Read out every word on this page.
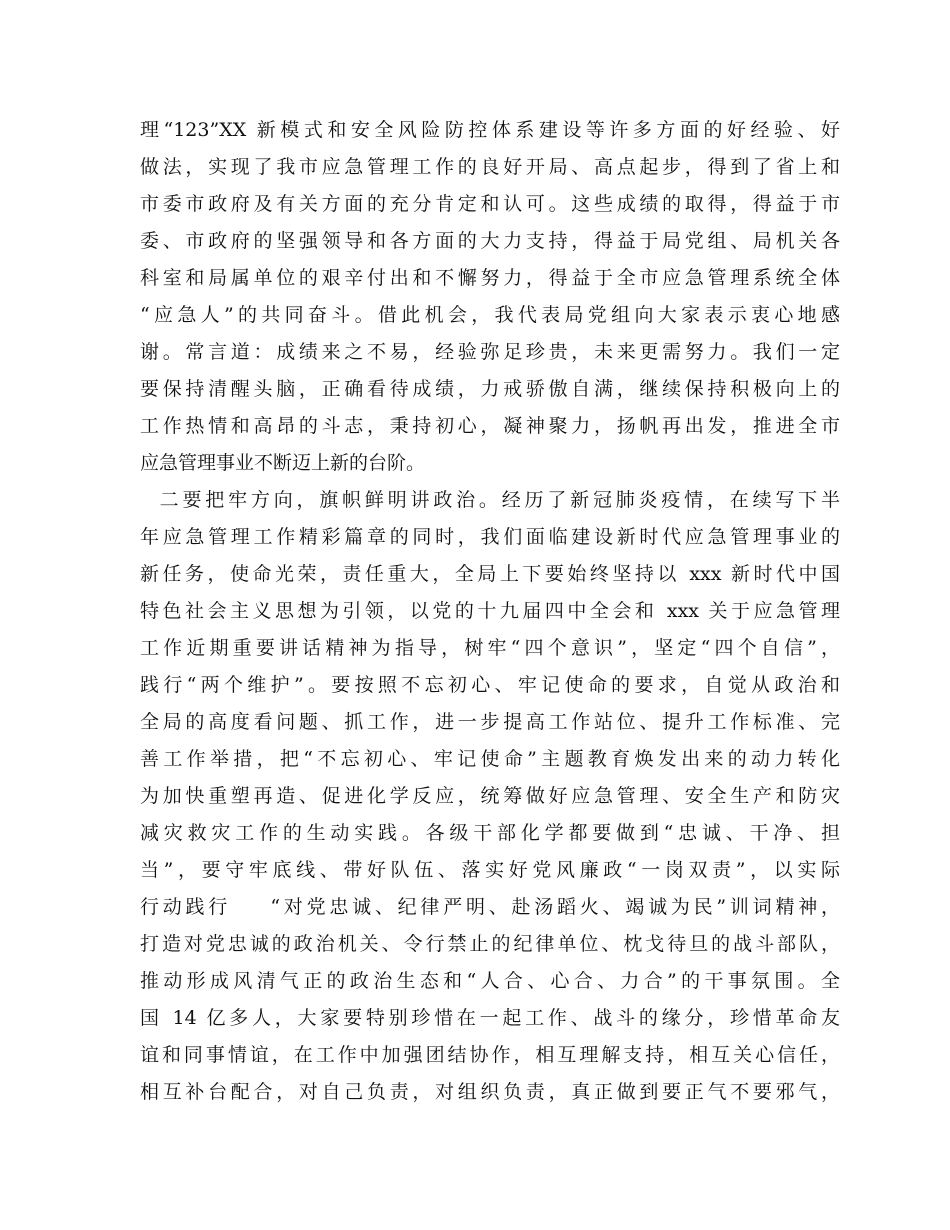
理“123”XX 新模式和安全风险防控体系建设等许多方面的好经验、好
做法，实现了我市应急管理工作的良好开局、高点起步，得到了省上和
市委市政府及有关方面的充分肯定和认可。这些成绩的取得，得益于市
委、市政府的坚强领导和各方面的大力支持，得益于局党组、局机关各
科室和局属单位的艰辛付出和不懈努力，得益于全市应急管理系统全体
“应急人”的共同奋斗。借此机会，我代表局党组向大家表示衷心地感
谢。常言道：成绩来之不易，经验弥足珍贵，未来更需努力。我们一定
要保持清醒头脑，正确看待成绩，力戒骄傲自满，继续保持积极向上的
工作热情和高昂的斗志，秉持初心，凝神聚力，扬帆再出发，推进全市
应急管理事业不断迈上新的台阶。
二要把牢方向，旗帜鲜明讲政治。经历了新冠肺炎疫情，在续写下半
年应急管理工作精彩篇章的同时，我们面临建设新时代应急管理事业的
新任务，使命光荣，责任重大，全局上下要始终坚持以 xxx 新时代中国
特色社会主义思想为引领，以党的十九届四中全会和 xxx 关于应急管理
工作近期重要讲话精神为指导，树牢“四个意识”，坚定“四个自信”，
践行“两个维护”。要按照不忘初心、牢记使命的要求，自觉从政治和
全局的高度看问题、抓工作，进一步提高工作站位、提升工作标准、完
善工作举措，把“不忘初心、牢记使命”主题教育焕发出来的动力转化
为加快重塑再造、促进化学反应，统筹做好应急管理、安全生产和防灾
减灾救灾工作的生动实践。各级干部化学都要做到“忠诚、干净、担
当”，要守牢底线、带好队伍、落实好党风廉政“一岗双责”，以实际
行动践行    “对党忠诚、纪律严明、赴汤蹈火、竭诚为民”训词精神，
打造对党忠诚的政治机关、令行禁止的纪律单位、枕戈待旦的战斗部队，
推动形成风清气正的政治生态和“人合、心合、力合”的干事氛围。全
国 14 亿多人，大家要特别珍惜在一起工作、战斗的缘分，珍惜革命友
谊和同事情谊，在工作中加强团结协作，相互理解支持，相互关心信任，
相互补台配合，对自己负责，对组织负责，真正做到要正气不要邪气，
